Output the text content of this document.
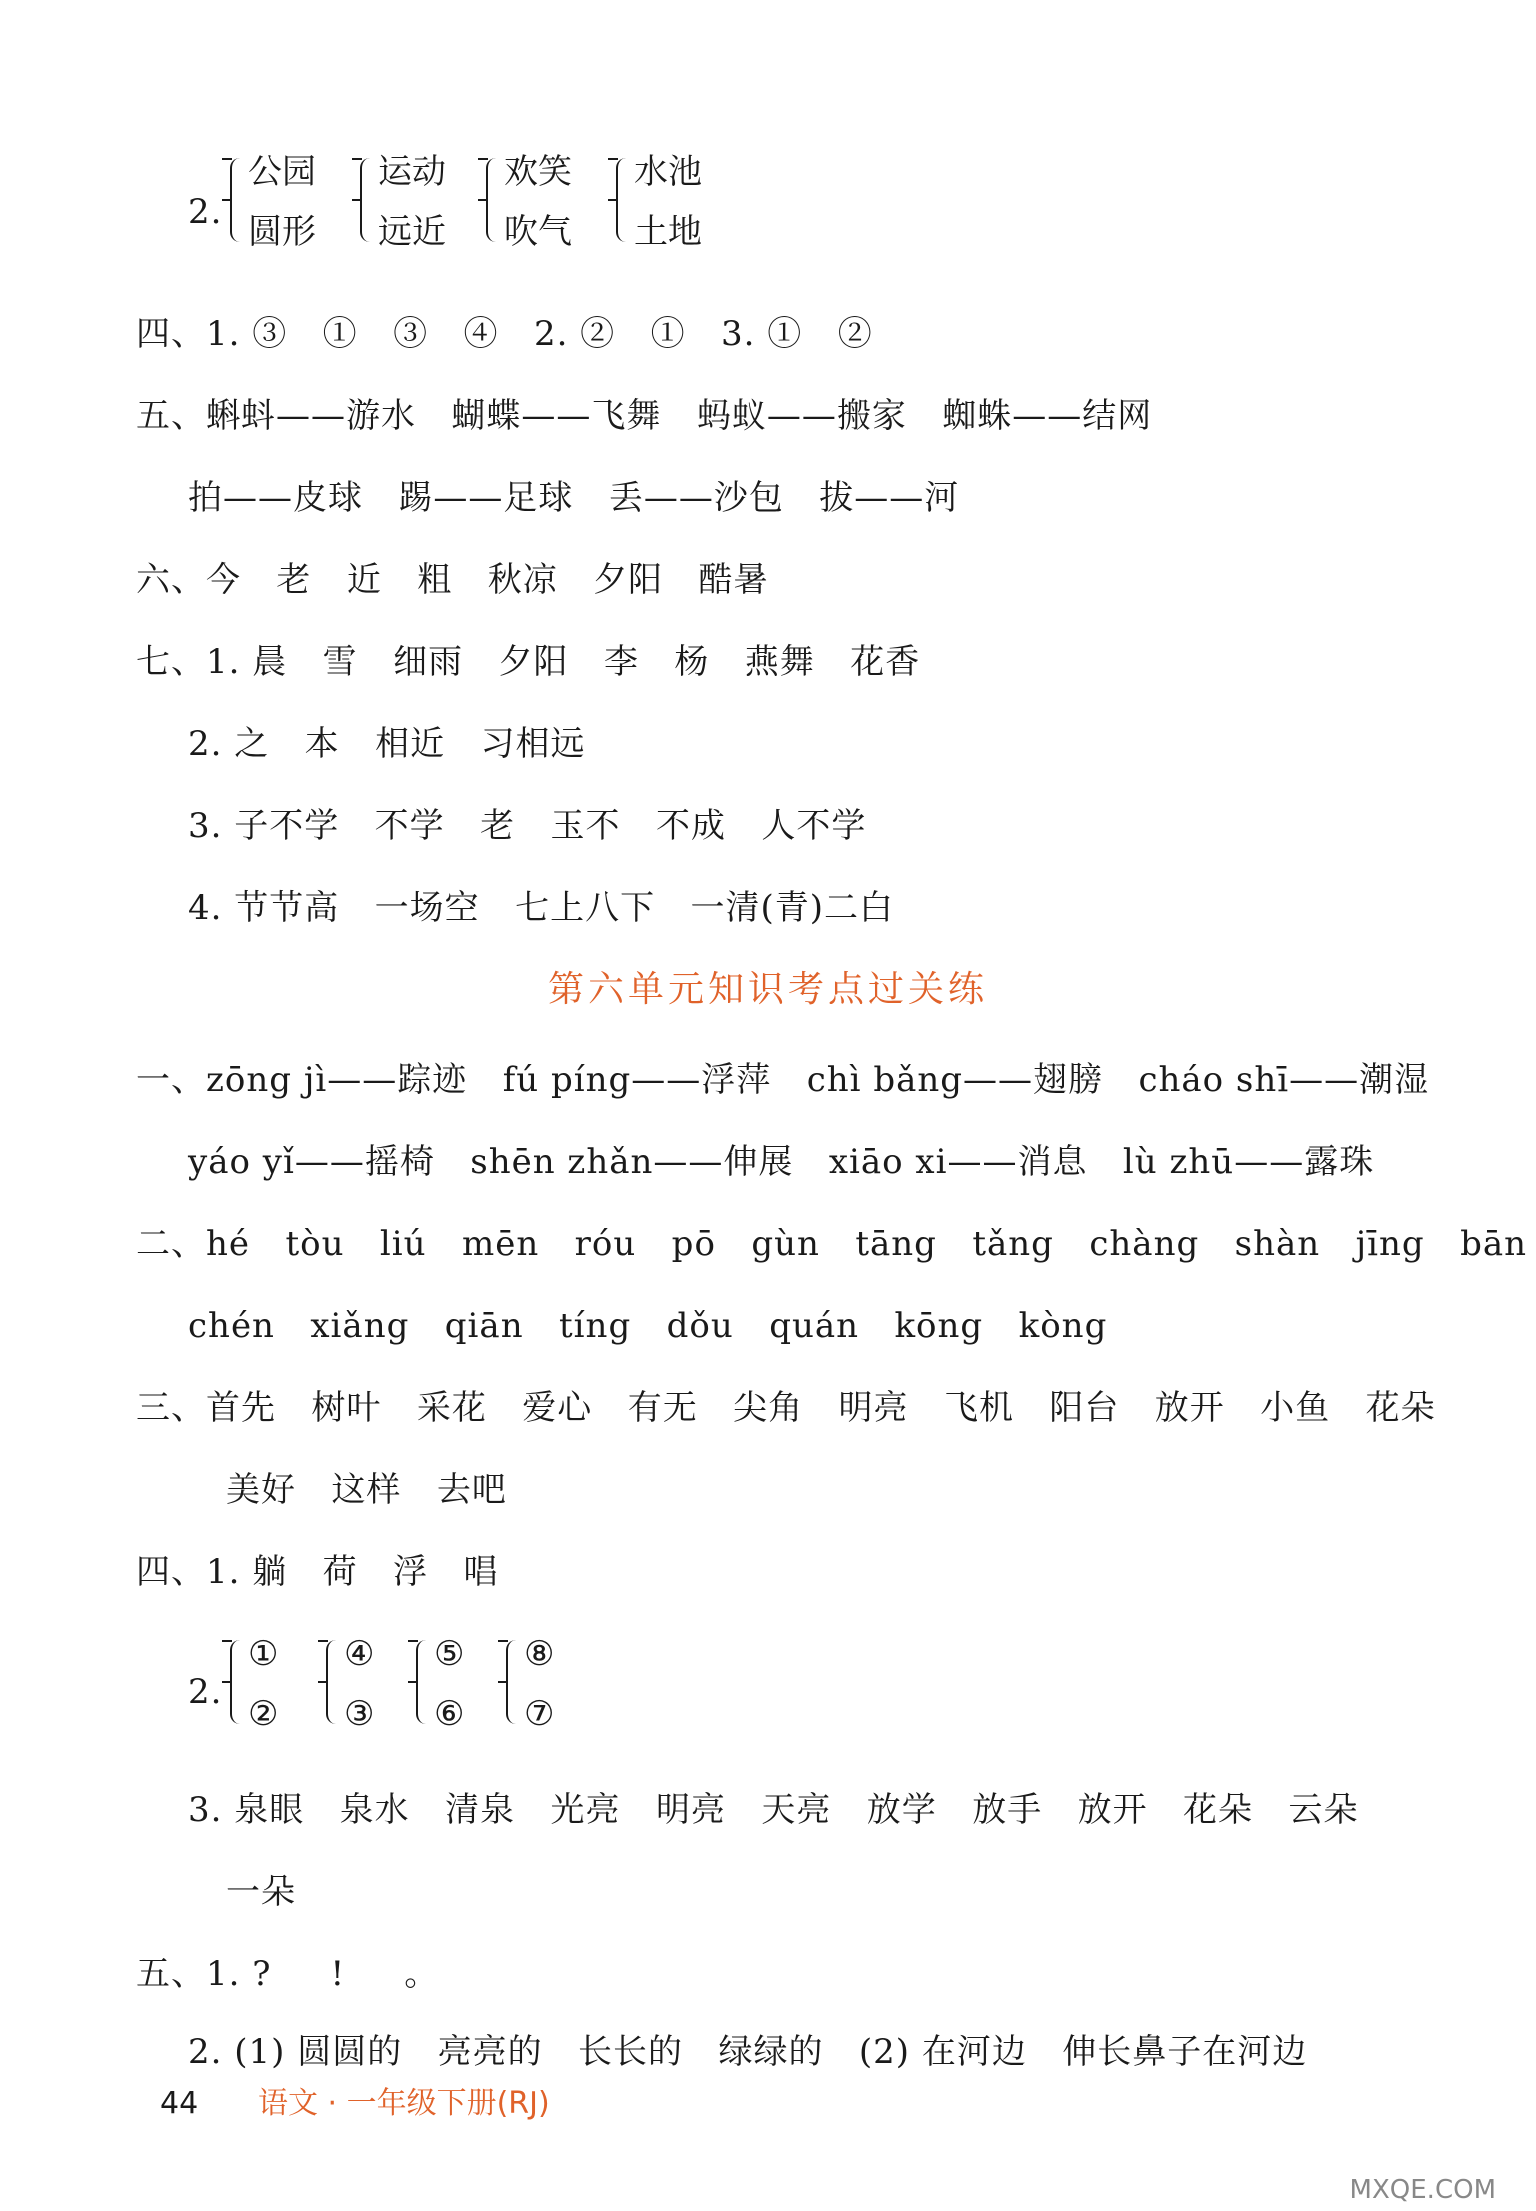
2.
公园
圆形
运动
远近
欢笑
吹气
水池
土地
四、1. ③   ①   ③   ④   2. ②   ①   3. ①   ②
五、蝌蚪——游水   蝴蝶——飞舞   蚂蚁——搬家   蜘蛛——结网
拍——皮球   踢——足球   丢——沙包   拔——河
六、今   老   近   粗   秋凉   夕阳   酷暑
七、1. 晨   雪   细雨   夕阳   李   杨   燕舞   花香
2. 之   本   相近   习相远
3. 子不学   不学   老   玉不   不成   人不学
4. 节节高   一场空   七上八下   一清(青)二白
第六单元知识考点过关练
一、zōng jì——踪迹   fú píng——浮萍   chì bǎng——翅膀   cháo shī——潮湿
yáo yǐ——摇椅   shēn zhǎn——伸展   xiāo xi——消息   lù zhū——露珠
二、hé   tòu   liú   mēn   róu   pō   gùn   tāng   tǎng   chàng   shàn   jīng   bān
chén   xiǎng   qiān   tíng   dǒu   quán   kōng   kòng
三、首先   树叶   采花   爱心   有无   尖角   明亮   飞机   阳台   放开   小鱼   花朵
美好   这样   去吧
四、1. 躺   荷   浮   唱
2.
①
②
④
③
⑤
⑥
⑧
⑦
3. 泉眼   泉水   清泉   光亮   明亮   天亮   放学   放手   放开   花朵   云朵
一朵
五、1. ?     !     。
2. (1) 圆圆的   亮亮的   长长的   绿绿的   (2) 在河边   伸长鼻子在河边
44 语文 · 一年级下册(RJ)
MXQE.COM
